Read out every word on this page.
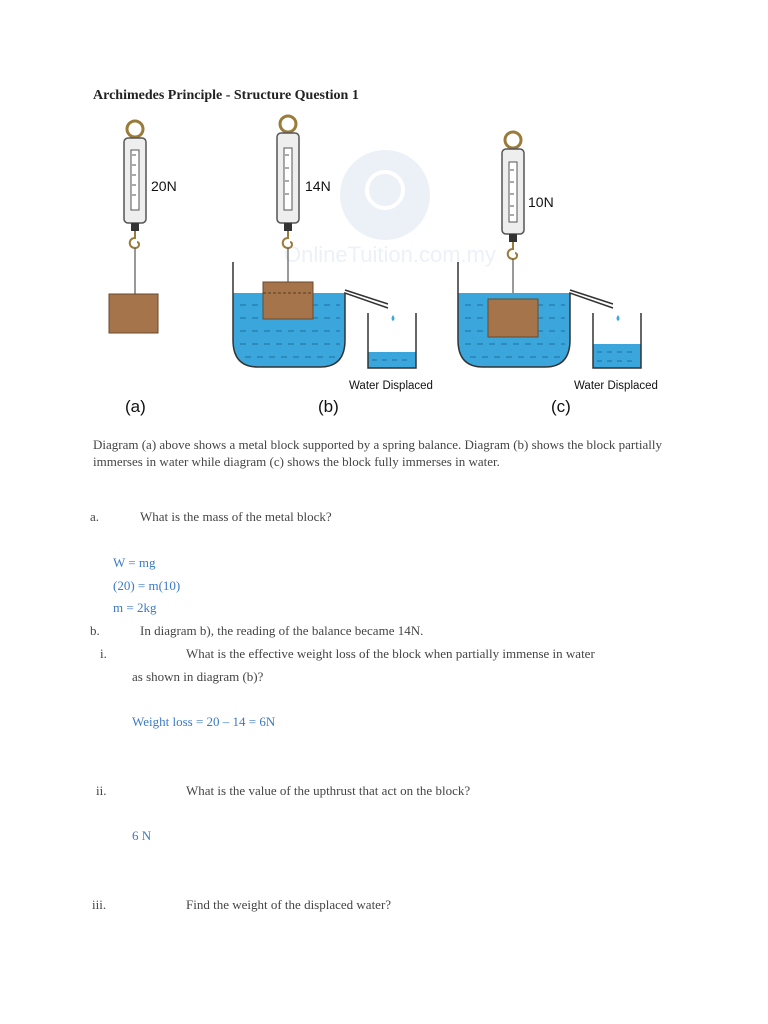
Archimedes Principle - Structure Question 1
OnlineTuition.com.my
20N
(a)
Water Displaced
14N
(b)
Water Displaced
10N
(c)
Diagram (a) above shows a metal block supported by a spring balance. Diagram (b) shows the block partially immerses in water while diagram (c) shows the block fully immerses in water.
a.	What is the mass of the metal block?
W = mg
(20) = m(10)
m = 2kg
b.	In diagram b), the reading of the balance became 14N.
i.	What is the effective weight loss of the block when partially immense in water
as shown in diagram (b)?
Weight loss = 20 – 14 = 6N
ii.	What is the value of the upthrust that act on the block?
6 N
iii.	Find the weight of the displaced water?
